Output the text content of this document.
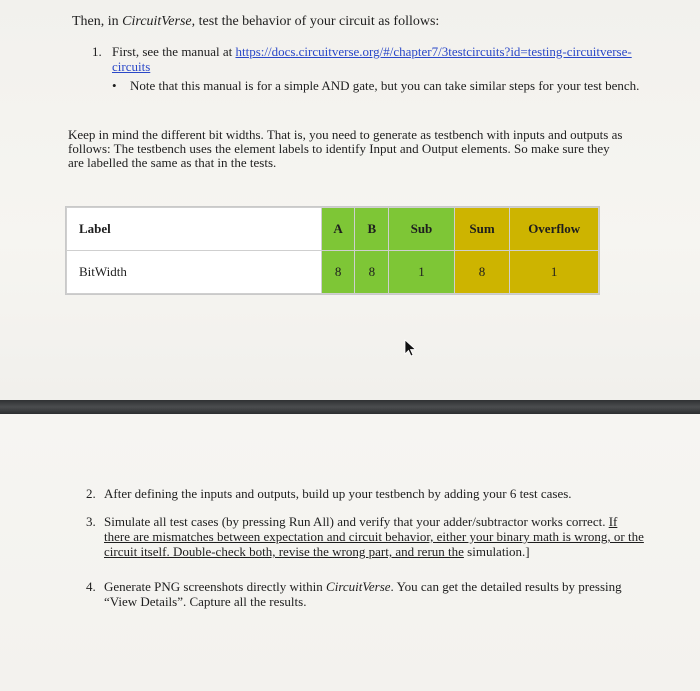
Then, in CircuitVerse, test the behavior of your circuit as follows:
1. First, see the manual at https://docs.circuitverse.org/#/chapter7/3testcircuits?id=testing-circuitverse-circuits
• Note that this manual is for a simple AND gate, but you can take similar steps for your test bench.
Keep in mind the different bit widths. That is, you need to generate as testbench with inputs and outputs as follows: The testbench uses the element labels to identify Input and Output elements. So make sure they are labelled the same as that in the tests.
Label	A	B	Sub	Sum	Overflow
BitWidth	8	8	1	8	1
2. After defining the inputs and outputs, build up your testbench by adding your 6 test cases.
3. Simulate all test cases (by pressing Run All) and verify that your adder/subtractor works correct. If there are mismatches between expectation and circuit behavior, either your binary math is wrong, or the circuit itself. Double-check both, revise the wrong part, and rerun the simulation.]
4. Generate PNG screenshots directly within CircuitVerse. You can get the detailed results by pressing “View Details”. Capture all the results.
